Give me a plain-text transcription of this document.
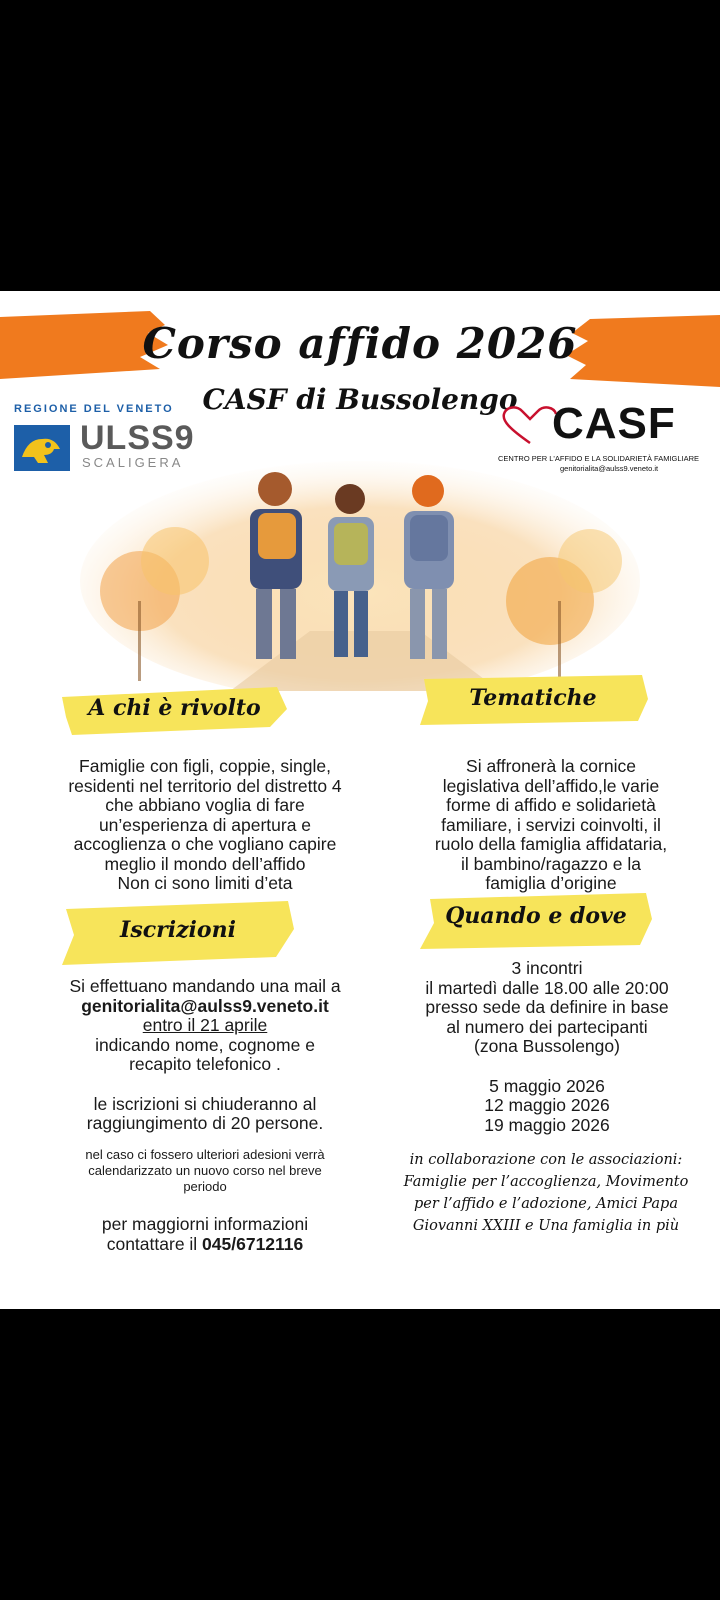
Corso affido 2026
CASF di Bussolengo
REGIONE DEL VENETO
ULSS9
SCALIGERA
CASF
CENTRO PER L'AFFIDO E LA SOLIDARIETÀ FAMIGLIARE
genitorialita@aulss9.veneto.it
A chi è rivolto	Tematiche
Famiglie con figli, coppie, single,
residenti nel territorio del distretto 4
che abbiano voglia di fare
un’esperienza di apertura e
accoglienza o che vogliano capire
meglio il mondo dell’affido
Non ci sono limiti d’eta
Si affronerà la cornice
legislativa dell’affido,le varie
forme di affido e solidarietà
familiare, i servizi coinvolti, il
ruolo della famiglia affidataria,
il bambino/ragazzo e la
famiglia d’origine
Iscrizioni
Quando e dove
Si effettuano mandando una mail a
genitorialita@aulss9.veneto.it
entro il 21 aprile
indicando nome, cognome e
recapito telefonico .
le iscrizioni si chiuderanno al
raggiungimento di 20 persone.
nel caso ci fossero ulteriori adesioni verrà
calendarizzato un nuovo corso nel breve
periodo
per maggiorni informazioni
contattare il 045/6712116
3 incontri
il martedì dalle 18.00 alle 20:00
presso sede da definire in base
al numero dei partecipanti
(zona Bussolengo)
5 maggio 2026
12 maggio 2026
19 maggio 2026
in collaborazione con le associazioni:
Famiglie per l’accoglienza, Movimento
per l’affido e l’adozione, Amici Papa
Giovanni XXIII e Una famiglia in più
